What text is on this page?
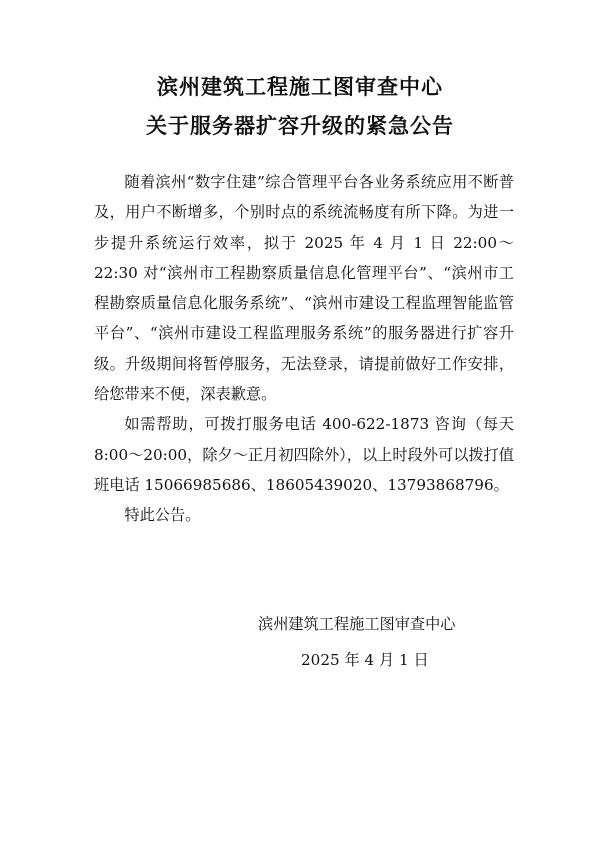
滨州建筑工程施工图审查中心
关于服务器扩容升级的紧急公告

随着滨州“数字住建”综合管理平台各业务系统应用不断普及，用户不断增多，个别时点的系统流畅度有所下降。为进一步提升系统运行效率，拟于 2025 年 4 月 1 日 22:00～22:30 对“滨州市工程勘察质量信息化管理平台”、“滨州市工程勘察质量信息化服务系统”、“滨州市建设工程监理智能监管平台”、“滨州市建设工程监理服务系统”的服务器进行扩容升级。升级期间将暂停服务，无法登录，请提前做好工作安排，给您带来不便，深表歉意。

如需帮助，可拨打服务电话 400-622-1873 咨询（每天 8:00～20:00，除夕～正月初四除外），以上时段外可以拨打值班电话 15066985686、18605439020、13793868796。

特此公告。

滨州建筑工程施工图审查中心

2025 年 4 月 1 日
